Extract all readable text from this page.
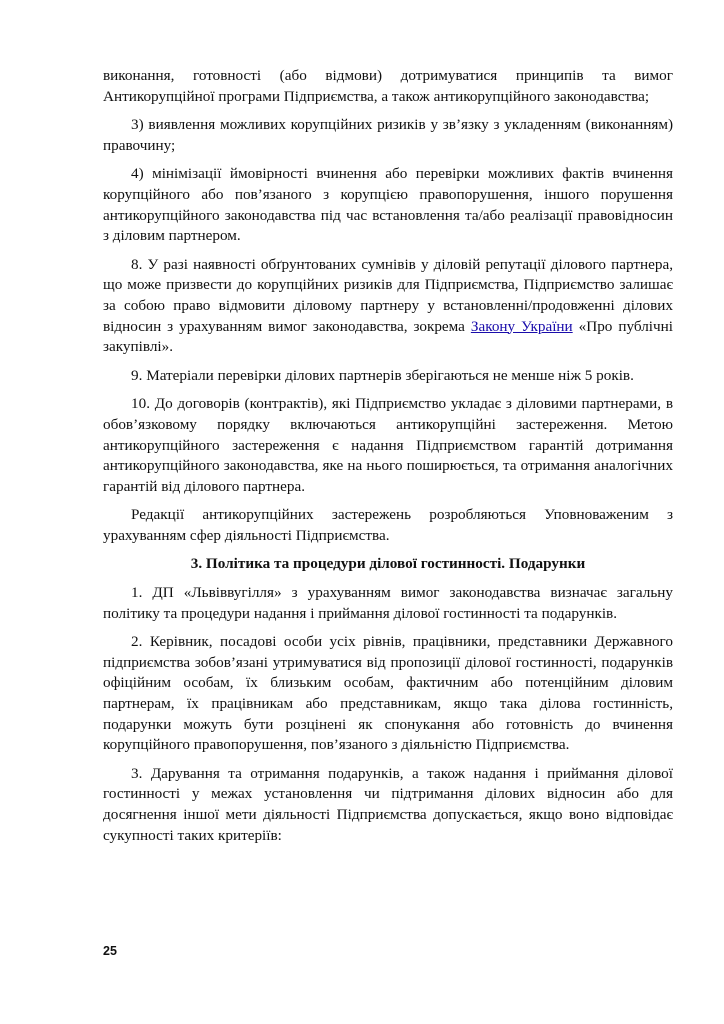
виконання, готовності (або відмови) дотримуватися принципів та вимог Антикорупційної програми Підприємства, а також антикорупційного законодавства;

3) виявлення можливих корупційних ризиків у зв’язку з укладенням (виконанням) правочину;

4) мінімізації ймовірності вчинення або перевірки можливих фактів вчинення корупційного або пов’язаного з корупцією правопорушення, іншого порушення антикорупційного законодавства під час встановлення та/або реалізації правовідносин з діловим партнером.

8. У разі наявності обґрунтованих сумнівів у діловій репутації ділового партнера, що може призвести до корупційних ризиків для Підприємства, Підприємство залишає за собою право відмовити діловому партнеру у встановленні/продовженні ділових відносин з урахуванням вимог законодавства, зокрема Закону України «Про публічні закупівлі».

9. Матеріали перевірки ділових партнерів зберігаються не менше ніж 5 років.

10. До договорів (контрактів), які Підприємство укладає з діловими партнерами, в обов’язковому порядку включаються антикорупційні застереження. Метою антикорупційного застереження є надання Підприємством гарантій дотримання антикорупційного законодавства, яке на нього поширюється, та отримання аналогічних гарантій від ділового партнера.

Редакції антикорупційних застережень розробляються Уповноваженим з урахуванням сфер діяльності Підприємства.

3. Політика та процедури ділової гостинності. Подарунки

1. ДП «Львіввугілля» з урахуванням вимог законодавства визначає загальну політику та процедури надання і приймання ділової гостинності та подарунків.

2. Керівник, посадові особи усіх рівнів, працівники, представники Державного підприємства зобов’язані утримуватися від пропозиції ділової гостинності, подарунків офіційним особам, їх близьким особам, фактичним або потенційним діловим партнерам, їх працівникам або представникам, якщо така ділова гостинність, подарунки можуть бути розцінені як спонукання або готовність до вчинення корупційного правопорушення, пов’язаного з діяльністю Підприємства.

3. Дарування та отримання подарунків, а також надання і приймання ділової гостинності у межах установлення чи підтримання ділових відносин або для досягнення іншої мети діяльності Підприємства допускається, якщо воно відповідає сукупності таких критеріїв:

25
